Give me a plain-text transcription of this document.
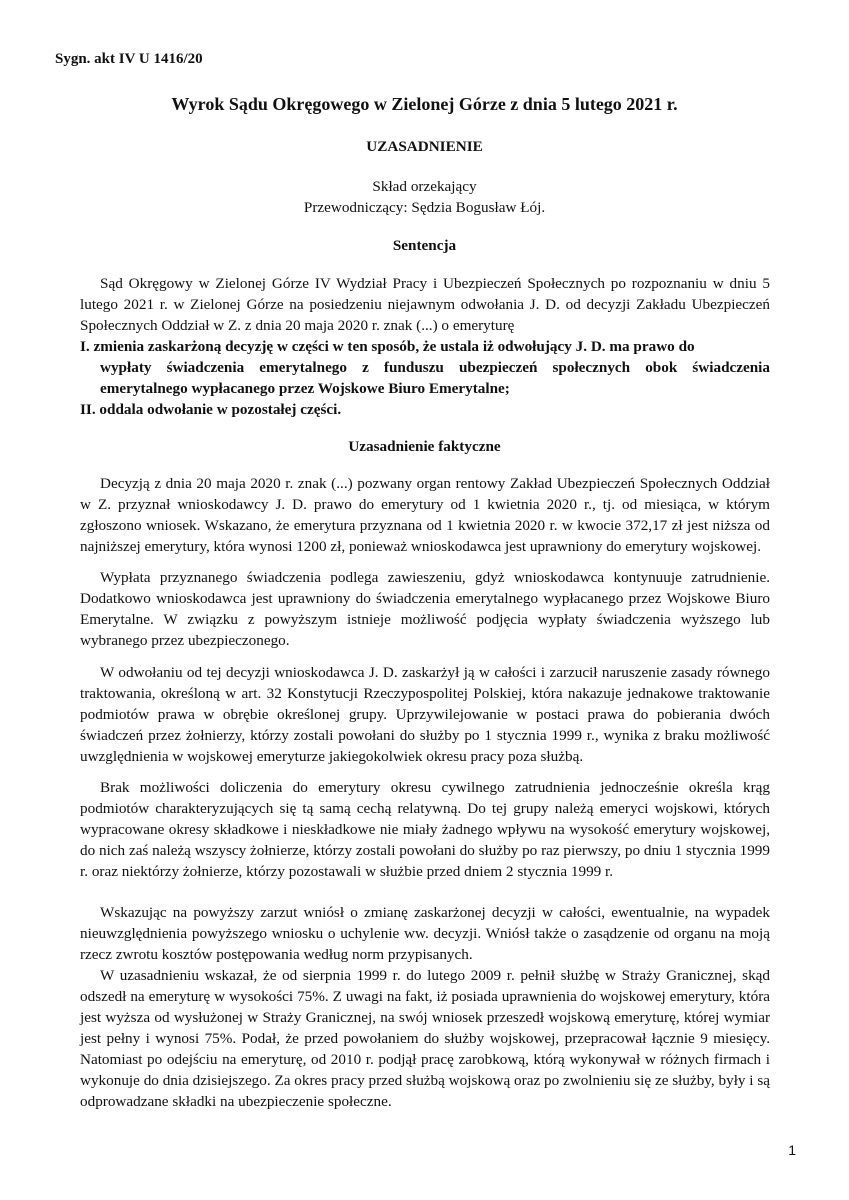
Sygn. akt IV U 1416/20

Wyrok Sądu Okręgowego w Zielonej Górze z dnia 5 lutego 2021 r.

UZASADNIENIE

Skład orzekający

Przewodniczący: Sędzia Bogusław Łój.

Sentencja

Sąd Okręgowy w Zielonej Górze IV Wydział Pracy i Ubezpieczeń Społecznych po rozpoznaniu w dniu 5 lutego 2021 r. w Zielonej Górze na posiedzeniu niejawnym odwołania J. D. od decyzji Zakładu Ubezpieczeń Społecznych Oddział w Z. z dnia 20 maja 2020 r. znak (...) o emeryturę

I. zmienia zaskarżoną decyzję w części w ten sposób, że ustala iż odwołujący J. D. ma prawo do
wypłaty świadczenia emerytalnego z funduszu ubezpieczeń społecznych obok świadczenia emerytalnego wypłacanego przez Wojskowe Biuro Emerytalne;

II. oddala odwołanie w pozostałej części.

Uzasadnienie faktyczne

Decyzją z dnia 20 maja 2020 r. znak (...) pozwany organ rentowy Zakład Ubezpieczeń Społecznych Oddział w Z. przyznał wnioskodawcy J. D. prawo do emerytury od 1 kwietnia 2020 r., tj. od miesiąca, w którym zgłoszono wniosek. Wskazano, że emerytura przyznana od 1 kwietnia 2020 r. w kwocie 372,17 zł jest niższa od najniższej emerytury, która wynosi 1200 zł, ponieważ wnioskodawca jest uprawniony do emerytury wojskowej.

Wypłata przyznanego świadczenia podlega zawieszeniu, gdyż wnioskodawca kontynuuje zatrudnienie. Dodatkowo wnioskodawca jest uprawniony do świadczenia emerytalnego wypłacanego przez Wojskowe Biuro Emerytalne. W związku z powyższym istnieje możliwość podjęcia wypłaty świadczenia wyższego lub wybranego przez ubezpieczonego.

W odwołaniu od tej decyzji wnioskodawca J. D. zaskarżył ją w całości i zarzucił naruszenie zasady równego traktowania, określoną w art. 32 Konstytucji Rzeczypospolitej Polskiej, która nakazuje jednakowe traktowanie podmiotów prawa w obrębie określonej grupy. Uprzywilejowanie w postaci prawa do pobierania dwóch świadczeń przez żołnierzy, którzy zostali powołani do służby po 1 stycznia 1999 r., wynika z braku możliwość uwzględnienia w wojskowej emeryturze jakiegokolwiek okresu pracy poza służbą.

Brak możliwości doliczenia do emerytury okresu cywilnego zatrudnienia jednocześnie określa krąg podmiotów charakteryzujących się tą samą cechą relatywną. Do tej grupy należą emeryci wojskowi, których wypracowane okresy składkowe i nieskładkowe nie miały żadnego wpływu na wysokość emerytury wojskowej, do nich zaś należą wszyscy żołnierze, którzy zostali powołani do służby po raz pierwszy, po dniu 1 stycznia 1999 r. oraz niektórzy żołnierze, którzy pozostawali w służbie przed dniem 2 stycznia 1999 r.

Wskazując na powyższy zarzut wniósł o zmianę zaskarżonej decyzji w całości, ewentualnie, na wypadek nieuwzględnienia powyższego wniosku o uchylenie ww. decyzji. Wniósł także o zasądzenie od organu na moją rzecz zwrotu kosztów postępowania według norm przypisanych.

W uzasadnieniu wskazał, że od sierpnia 1999 r. do lutego 2009 r. pełnił służbę w Straży Granicznej, skąd odszedł na emeryturę w wysokości 75%. Z uwagi na fakt, iż posiada uprawnienia do wojskowej emerytury, która jest wyższa od wysłużonej w Straży Granicznej, na swój wniosek przeszedł wojskową emeryturę, której wymiar jest pełny i wynosi 75%. Podał, że przed powołaniem do służby wojskowej, przepracował łącznie 9 miesięcy. Natomiast po odejściu na emeryturę, od 2010 r. podjął pracę zarobkową, którą wykonywał w różnych firmach i wykonuje do dnia dzisiejszego. Za okres pracy przed służbą wojskową oraz po zwolnieniu się ze służby, były i są odprowadzane składki na ubezpieczenie społeczne.

1
